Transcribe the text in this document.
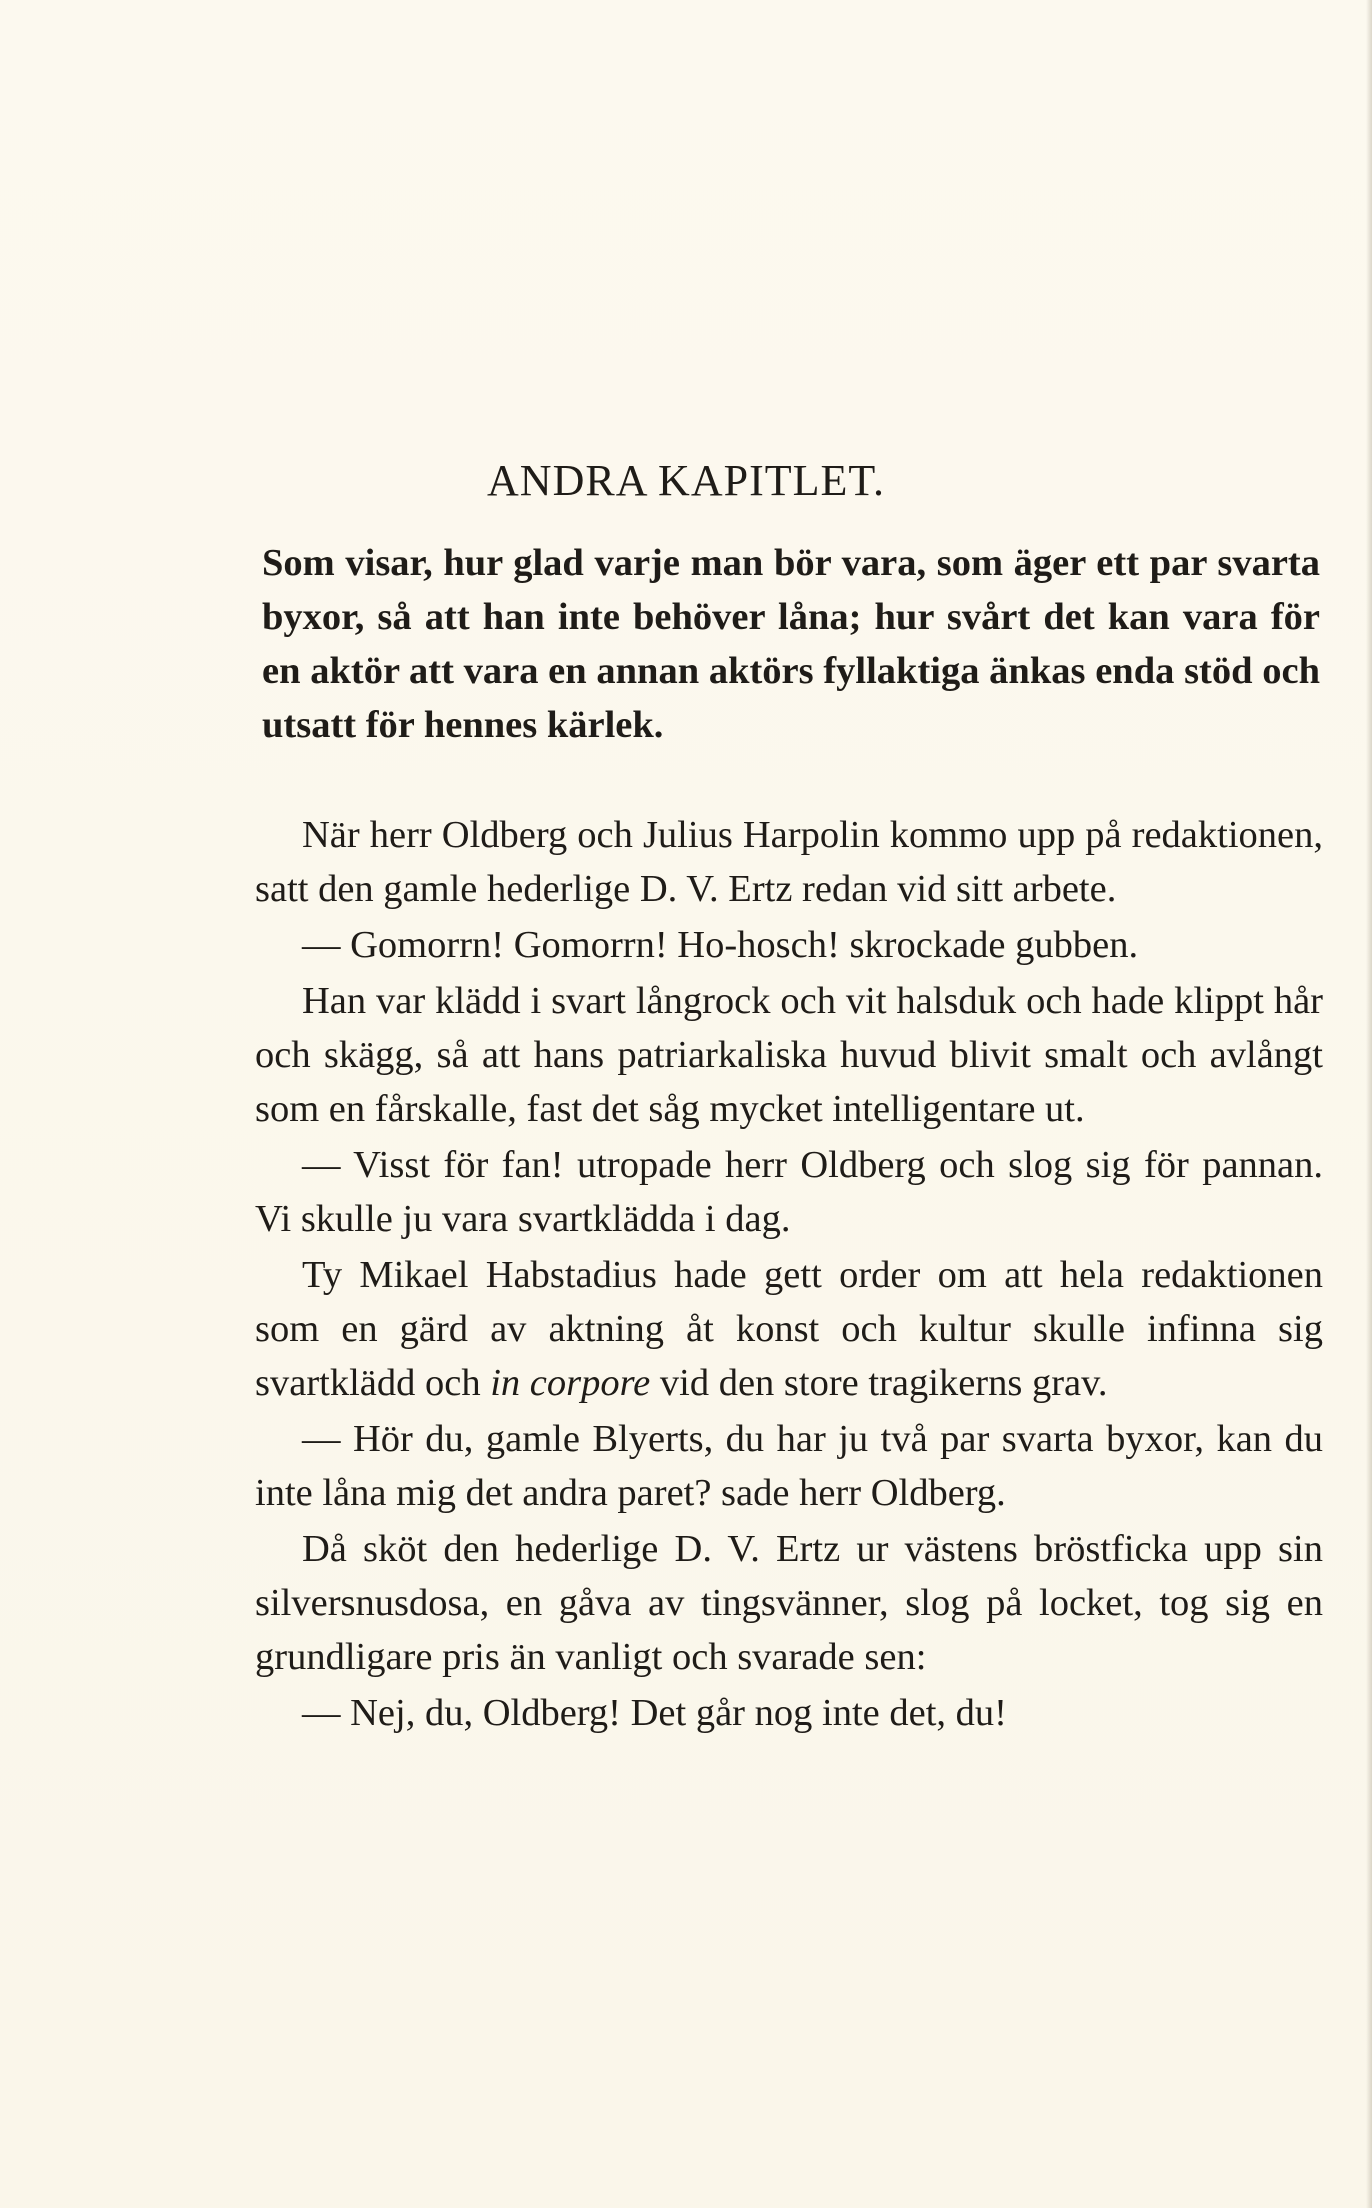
ANDRA KAPITLET.

Som visar, hur glad varje man bör vara, som äger ett par svarta byxor, så att han inte behöver låna; hur svårt det kan vara för en aktör att vara en annan aktörs fyllaktiga änkas enda stöd och utsatt för hennes kärlek.

När herr Oldberg och Julius Harpolin kommo upp på redaktionen, satt den gamle hederlige D. V. Ertz redan vid sitt arbete.

— Gomorrn! Gomorrn! Ho-hosch! skrockade gubben.

Han var klädd i svart långrock och vit halsduk och hade klippt hår och skägg, så att hans patriarkaliska huvud blivit smalt och avlångt som en fårskalle, fast det såg mycket intelligentare ut.

— Visst för fan! utropade herr Oldberg och slog sig för pannan. Vi skulle ju vara svartklädda i dag.

Ty Mikael Habstadius hade gett order om att hela redaktionen som en gärd av aktning åt konst och kultur skulle infinna sig svartklädd och in corpore vid den store tragikerns grav.

— Hör du, gamle Blyerts, du har ju två par svarta byxor, kan du inte låna mig det andra paret? sade herr Oldberg.

Då sköt den hederlige D. V. Ertz ur västens bröstficka upp sin silversnusdosa, en gåva av tingsvänner, slog på locket, tog sig en grundligare pris än vanligt och svarade sen:

— Nej, du, Oldberg! Det går nog inte det, du!
